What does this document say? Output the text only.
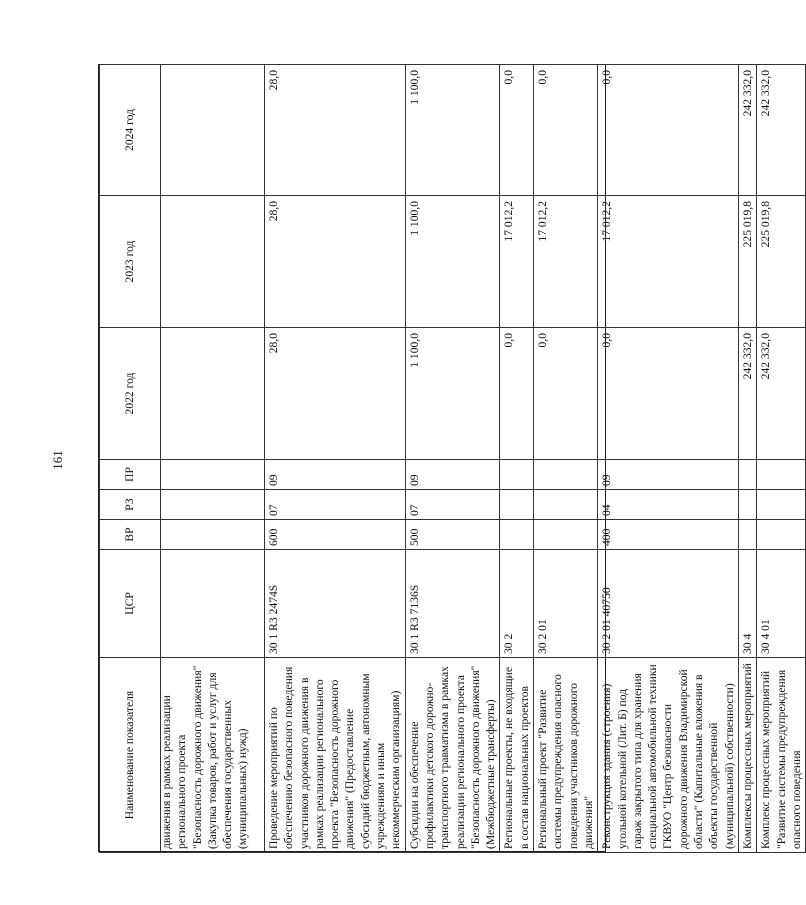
161
Наименование показателя	ЦСР	ВР	РЗ	ПР	2022 год	2023 год	2024 год

движения в рамках реализации регионального проекта "Безопасность дорожного движения" (Закупка товаров, работ и услуг для обеспечения государственных (муниципальных) нужд)							

Проведение мероприятий по обеспечению безопасного поведения участников дорожного движения в рамках реализации регионального проекта "Безопасность дорожного движения" (Предоставление субсидий бюджетным, автономным учреждениям и иным некоммерческим организациям)	30 1 R3 2474S	600	07	09	28,0	28,0	28,0
Субсидии на обеспечение профилактики детского дорожно-транспортного травматизма в рамках реализации регионального проекта "Безопасность дорожного движения" (Межбюджетные трансферты)	30 1 R3 7136S	500	07	09	1 100,0	1 100,0	1 100,0
Региональные проекты, не входящие в состав национальных проектов	30 2				0,0	17 012,2	0,0
Региональный проект "Развитие системы предупреждения опасного поведения участников дорожного движения"	30 2 01				0,0	17 012,2	0,0
Реконструкция здания (строения) угольной котельной (Лит. Б) под гараж закрытого типа для хранения специальной автомобильной техники ГКВУО "Центр безопасности дорожного движения Владимирской области" (Капитальные вложения в объекты государственной (муниципальной) собственности)	30 2 01 40750	400	04	09	0,0	17 012,2	0,0
Комплексы процессных мероприятий	30 4				242 332,0	225 019,8	242 332,0
Комплекс процессных мероприятий "Развитие системы предупреждения опасного поведения	30 4 01				242 332,0	225 019,8	242 332,0
